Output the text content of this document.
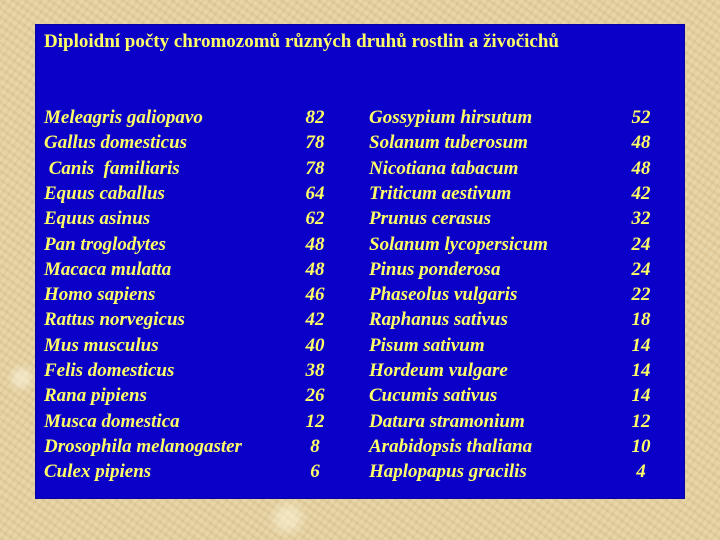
Diploidní počty chromozomů různých druhů rostlin a živočichů
Meleagris galiopavo	82	Gossypium hirsutum	52
Gallus domesticus	78	Solanum tuberosum	48
Canis  familiaris	78	Nicotiana tabacum	48
Equus caballus	64	Triticum aestivum	42
Equus asinus	62	Prunus cerasus	32
Pan troglodytes	48	Solanum lycopersicum	24
Macaca mulatta	48	Pinus ponderosa	24
Homo sapiens	46	Phaseolus vulgaris	22
Rattus norvegicus	42	Raphanus sativus	18
Mus musculus	40	Pisum sativum	14
Felis domesticus	38	Hordeum vulgare	14
Rana pipiens	26	Cucumis sativus	14
Musca domestica	12	Datura stramonium	12
Drosophila melanogaster	8	Arabidopsis thaliana	10
Culex pipiens	6	Haplopapus gracilis	4
